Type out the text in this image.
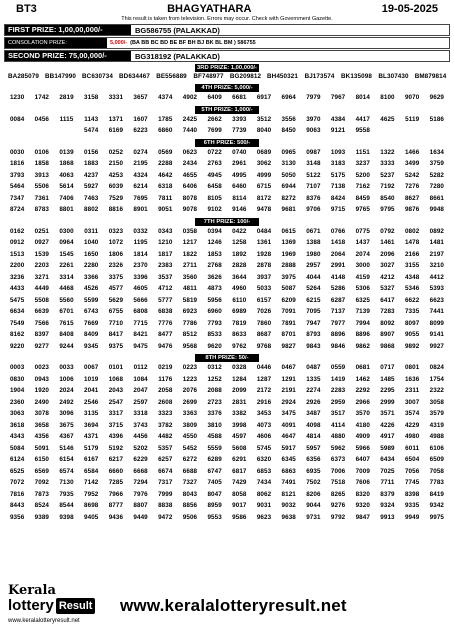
BT3	BHAGYATHARA	19-05-2025
This result is taken from television. Errors may occur. Check with Government Gazette.
FIRST PRIZE: 1,00,00,000/-	BG586755 (PALAKKAD)
CONSOLATION PRIZE:	5,000/- (BA BB BC BD BE BF BH BJ BK BL BM ) 586755
SECOND PRIZE: 75,00,000/-	BG318192 (PALAKKAD)
3RD PRIZE: 1,00,000/-
BA285079 BB147990 BC630734 BD634467 BE556889	BF748977 BG209812 BH450321	BJ173574	BK135098	BL307430 BM879814
4TH PRIZE: 5,000/-
1230	1742	2819	3158	3331	3657	4374	4902	6409	6681	6917	6964	7979	7967	8014	8100	9070	9629
5TH PRIZE: 1,000/-
0084	0456	1115	1143	1371	1607	1785	2425	2662	3393	3512	3556	3970	4384	4417	4625	5119	5186
5474	6169	6223	6860	7440	7699	7739	8040	8450	9063	9121	9558
6TH PRIZE: 500/-
0030	0106	0139	0156	0252	0274	0569	0623	0722	0740	0689	0965	0987	1093	1151	1322	1466	1634
1816	1858	1868	1883	2150	2195	2288	2434	2763	2961	3062	3130	3148	3183	3237	3333	3499	3759
3793	3913	4063	4237	4253	4324	4642	4655	4945	4995	4999	5050	5122	5175	5200	5237	5242	5282
5464	5506	5614	5927	6039	6214	6318	6406	6458	6460	6715	6944	7107	7138	7162	7192	7276	7280
7347	7361	7406	7463	7529	7695	7811	8078	8105	8114	8172	8272	8376	8424	8459	8540	8627	8661
8724	8783	8801	8802	8816	8901	9051	9078	9102	9146	9478	9681	9706	9715	9765	9795	9876	9948
7TH PRIZE: 100/-
0162	0251	0300	0311	0323	0332	0343	0358	0394	0422	0484	0615	0671	0766	0775	0792	0802	0892
0912	0927	0964	1040	1072	1195	1210	1217	1246	1258	1361	1369	1388	1418	1437	1461	1478	1481
1513	1539	1545	1650	1806	1814	1817	1822	1853	1892	1928	1969	1980	2064	2074	2096	2166	2197
2200	2203	2261	2280	2326	2370	2383	2711	2768	2828	2878	2888	2957	2991	3000	3027	3155	3210
3236	3271	3314	3366	3375	3396	3537	3560	3626	3644	3937	3975	4044	4148	4159	4212	4348	4412
4433	4449	4468	4526	4577	4605	4712	4811	4873	4960	5033	5087	5264	5286	5306	5327	5346	5393
5475	5508	5560	5599	5629	5666	5777	5819	5956	6110	6157	6209	6215	6287	6325	6417	6622	6623
6634	6639	6701	6743	6755	6808	6838	6923	6960	6989	7026	7091	7095	7137	7139	7283	7335	7441
7549	7566	7615	7669	7710	7715	7776	7786	7793	7819	7860	7891	7947	7977	7994	8092	8097	8099
8162	8397	8408	8409	8417	8421	8477	8512	8533	8633	8687	8701	8793	8896	8896	8907	9055	9141
9220	9277	9244	9345	9375	9475	9476	9568	9620	9762	9768	9827	9843	9846	9862	9868	9892	9927
8TH PRIZE: 50/-
0003	0023	0033	0067	0101	0112	0219	0223	0312	0328	0446	0467	0487	0559	0681	0717	0801	0824
0830	0943	1006	1019	1068	1084	1176	1223	1252	1284	1287	1291	1335	1419	1462	1485	1636	1754
1904	1920	2024	2041	2043	2047	2058	2076	2088	2099	2172	2191	2274	2283	2292	2295	2311	2322
2360	2490	2492	2546	2547	2597	2608	2699	2723	2831	2916	2924	2926	2959	2966	2999	3007	3058
3063	3078	3096	3135	3317	3318	3323	3363	3376	3382	3453	3475	3487	3517	3570	3571	3574	3579
3618	3658	3675	3694	3715	3743	3782	3809	3810	3998	4073	4091	4098	4114	4180	4226	4229	4319
4343	4356	4367	4371	4396	4456	4482	4550	4588	4597	4606	4647	4814	4880	4909	4917	4980	4988
5084	5091	5146	5179	5192	5202	5357	5452	5559	5608	5745	5917	5957	5962	5966	5989	6011	6106
6124	6150	6154	6167	6217	6229	6257	6272	6289	6291	6320	6345	6356	6373	6407	6434	6504	6509
6525	6569	6574	6584	6660	6668	6674	6688	6747	6817	6853	6863	6935	7006	7009	7025	7056	7058
7072	7092	7130	7142	7285	7294	7317	7327	7405	7429	7434	7491	7502	7518	7606	7711	7745	7783
7816	7873	7935	7952	7966	7976	7999	8043	8047	8058	8062	8121	8206	8265	8320	8379	8398	8419
8443	8524	8544	8698	8777	8807	8838	8856	8959	9017	9031	9032	9044	9276	9320	9324	9335	9342
9356	9389	9398	9405	9436	9449	9472	9506	9553	9586	9623	9638	9731	9792	9847	9913	9949	9975
Kerala
lottery Result
www.keralalotteryresult.net
www.keralalotteryresult.net
